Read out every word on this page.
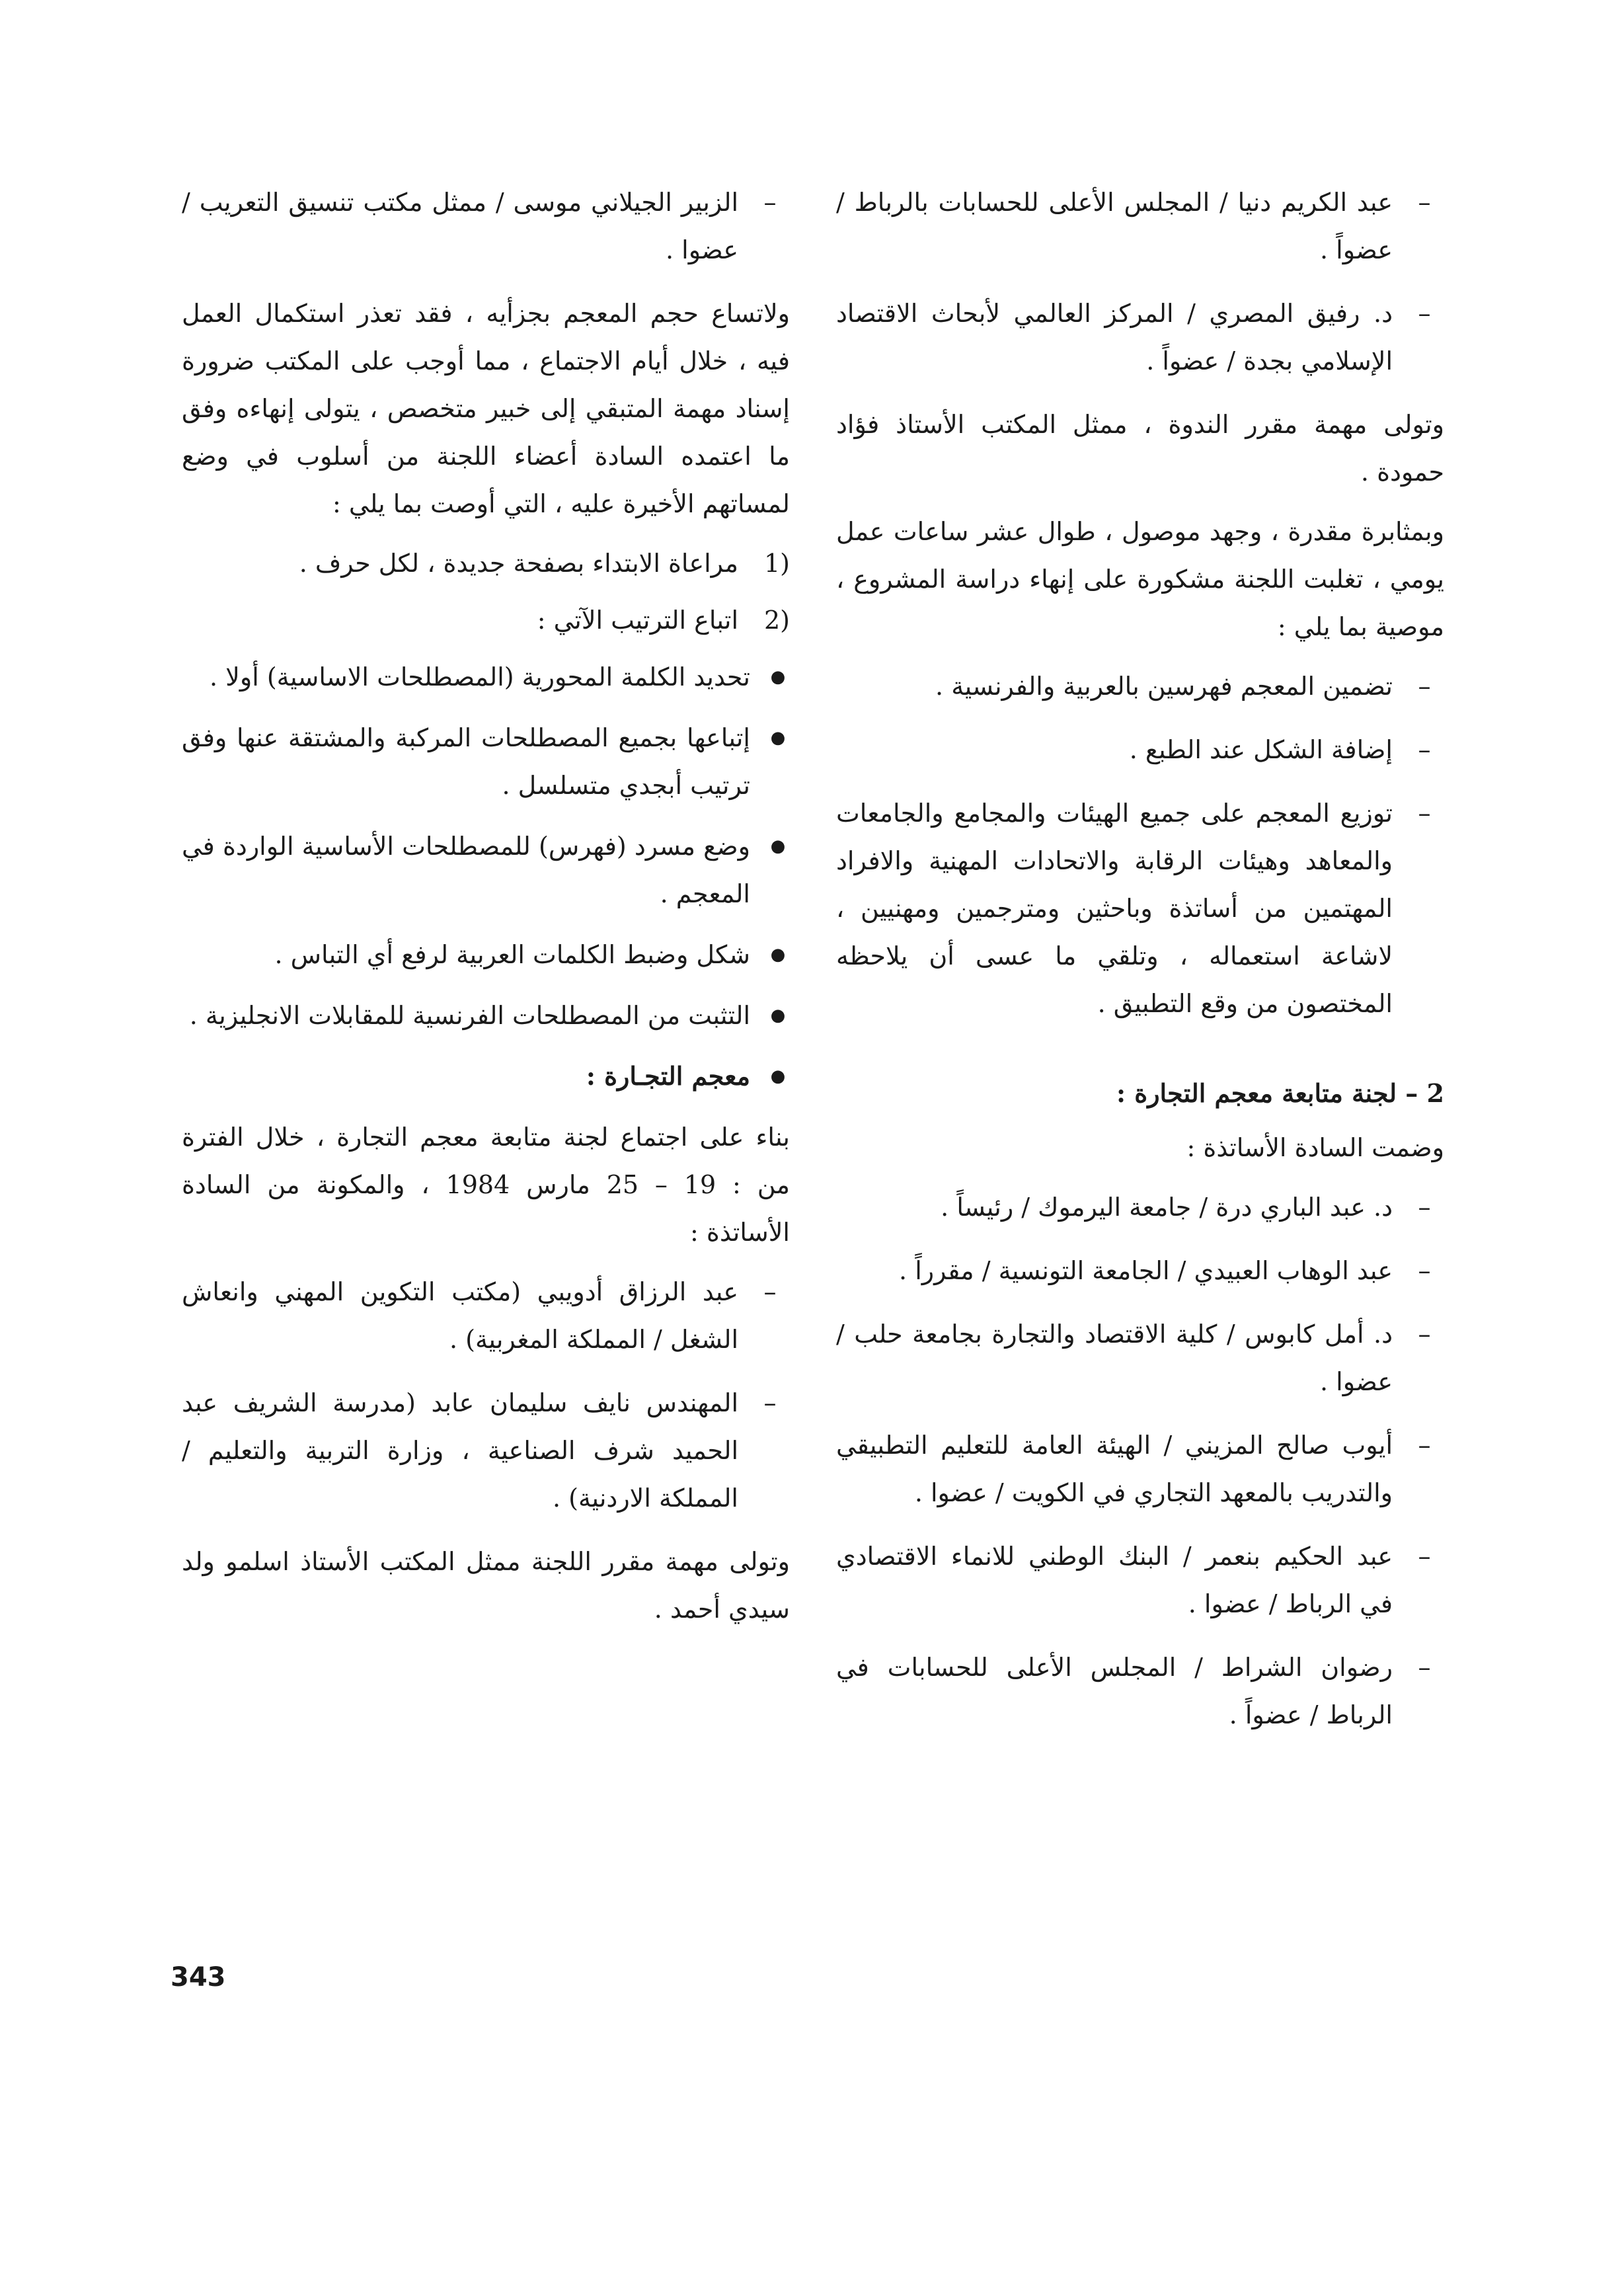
–
عبد الكريم دنيا / المجلس الأعلى للحسابات بالرباط / عضواً .
–
د. رفيق المصري / المركز العالمي لأبحاث الاقتصاد الإسلامي بجدة / عضواً .

وتولى مهمة مقرر الندوة ، ممثل المكتب الأستاذ فؤاد حمودة .

وبمثابرة مقدرة ، وجهد موصول ، طوال عشر ساعات عمل يومي ، تغلبت اللجنة مشكورة على إنهاء دراسة المشروع ، موصية بما يلي :

–
تضمين المعجم فهرسين بالعربية والفرنسية .
–
إضافة الشكل عند الطبع .
–
توزيع المعجم على جميع الهيئات والمجامع والجامعات والمعاهد وهيئات الرقابة والاتحادات المهنية والافراد المهتمين من أساتذة وباحثين ومترجمين ومهنيين ، لاشاعة استعماله ، وتلقي ما عسى أن يلاحظه المختصون من وقع التطبيق .
2 – لجنة متابعة معجم التجارة :

وضمت السادة الأساتذة :

–
د. عبد الباري درة / جامعة اليرموك / رئيساً .
–
عبد الوهاب العبيدي / الجامعة التونسية / مقرراً .
–
د. أمل كابوس / كلية الاقتصاد والتجارة بجامعة حلب / عضوا .
–
أيوب صالح المزيني / الهيئة العامة للتعليم التطبيقي والتدريب بالمعهد التجاري في الكويت / عضوا .
–
عبد الحكيم بنعمر / البنك الوطني للانماء الاقتصادي في الرباط / عضوا .
–
رضوان الشراط / المجلس الأعلى للحسابات في الرباط / عضواً .
–
الزبير الجيلاني موسى / ممثل مكتب تنسيق التعريب / عضوا .

ولاتساع حجم المعجم بجزأيه ، فقد تعذر استكمال العمل فيه ، خلال أيام الاجتماع ، مما أوجب على المكتب ضرورة إسناد مهمة المتبقي إلى خبير متخصص ، يتولى إنهاءه وفق ما اعتمده السادة أعضاء اللجنة من أسلوب في وضع لمساتهم الأخيرة عليه ، التي أوصت بما يلي :

1)
مراعاة الابتداء بصفحة جديدة ، لكل حرف .
2)
اتباع الترتيب الآتي :
●
تحديد الكلمة المحورية (المصطلحات الاساسية) أولا .
●
إتباعها بجميع المصطلحات المركبة والمشتقة عنها وفق ترتيب أبجدي متسلسل .
●
وضع مسرد (فهرس) للمصطلحات الأساسية الواردة في المعجم .
●
شكل وضبط الكلمات العربية لرفع أي التباس .
●
التثبت من المصطلحات الفرنسية للمقابلات الانجليزية .
●
معجم التجـارة :

بناء على اجتماع لجنة متابعة معجم التجارة ، خلال الفترة من : 19 – 25 مارس 1984 ، والمكونة من السادة الأساتذة :

–
عبد الرزاق أدويبي (مكتب التكوين المهني وانعاش الشغل / المملكة المغربية) .
–
المهندس نايف سليمان عابد (مدرسة الشريف عبد الحميد شرف الصناعية ، وزارة التربية والتعليم / المملكة الاردنية) .

وتولى مهمة مقرر اللجنة ممثل المكتب الأستاذ اسلمو ولد سيدي أحمد .

343
